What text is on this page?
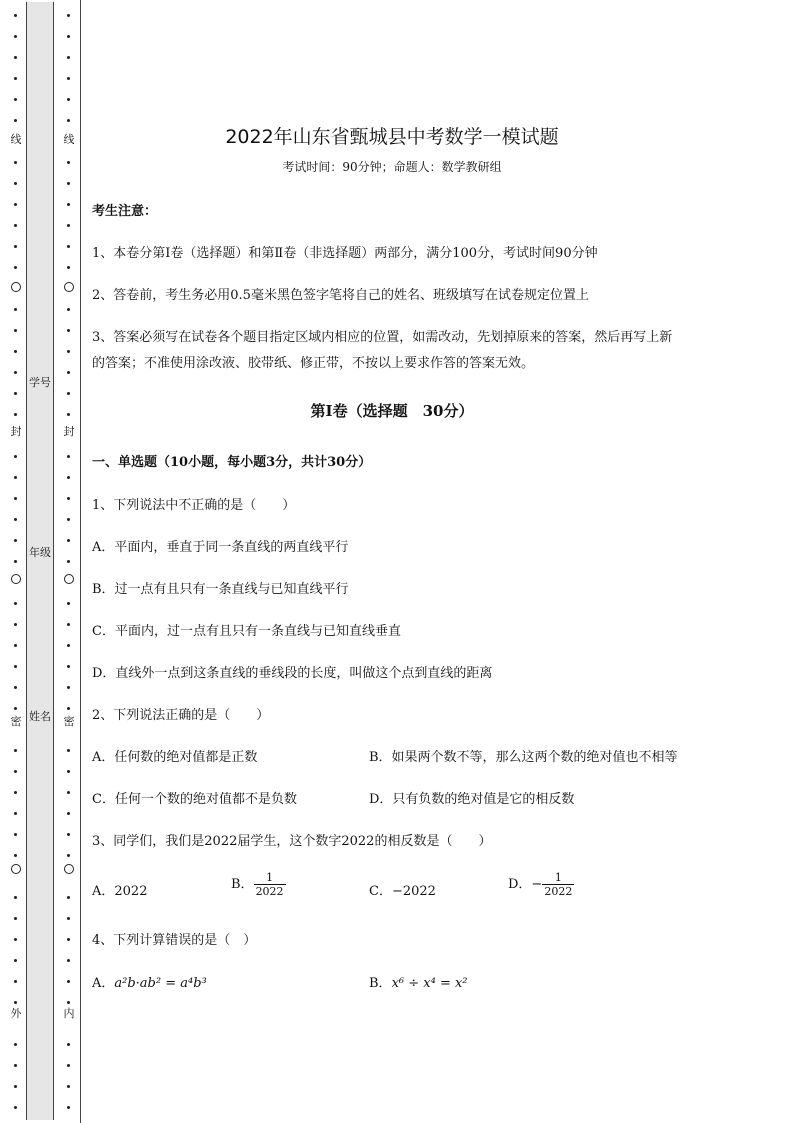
线
封
密
外
学号
年级
姓名
线
封
密
内
2022年山东省甄城县中考数学一模试题
考试时间：90分钟；命题人：数学教研组
考生注意：
1、本卷分第Ⅰ卷（选择题）和第Ⅱ卷（非选择题）两部分，满分100分，考试时间90分钟
2、答卷前，考生务必用0.5毫米黑色签字笔将自己的姓名、班级填写在试卷规定位置上
3、答案必须写在试卷各个题目指定区域内相应的位置，如需改动，先划掉原来的答案，然后再写上新
的答案；不准使用涂改液、胶带纸、修正带，不按以上要求作答的答案无效。
第Ⅰ卷（选择题　30分）
一、单选题（10小题，每小题3分，共计30分）
1、下列说法中不正确的是（　　）
A．平面内，垂直于同一条直线的两直线平行
B．过一点有且只有一条直线与已知直线平行
C．平面内，过一点有且只有一条直线与已知直线垂直
D．直线外一点到这条直线的垂线段的长度，叫做这个点到直线的距离
2、下列说法正确的是（　　）
A．任何数的绝对值都是正数	B．如果两个数不等，那么这两个数的绝对值也不相等
C．任何一个数的绝对值都不是负数	D．只有负数的绝对值是它的相反数
3、同学们，我们是2022届学生，这个数字2022的相反数是（　　）
A．2022	B． $\frac{1}{2022}$	C．−2022	D．− $\frac{1}{2022}$
4、下列计算错误的是（　）
A．a²b·ab² = a⁴b³	B．x⁶ ÷ x⁴ = x²
